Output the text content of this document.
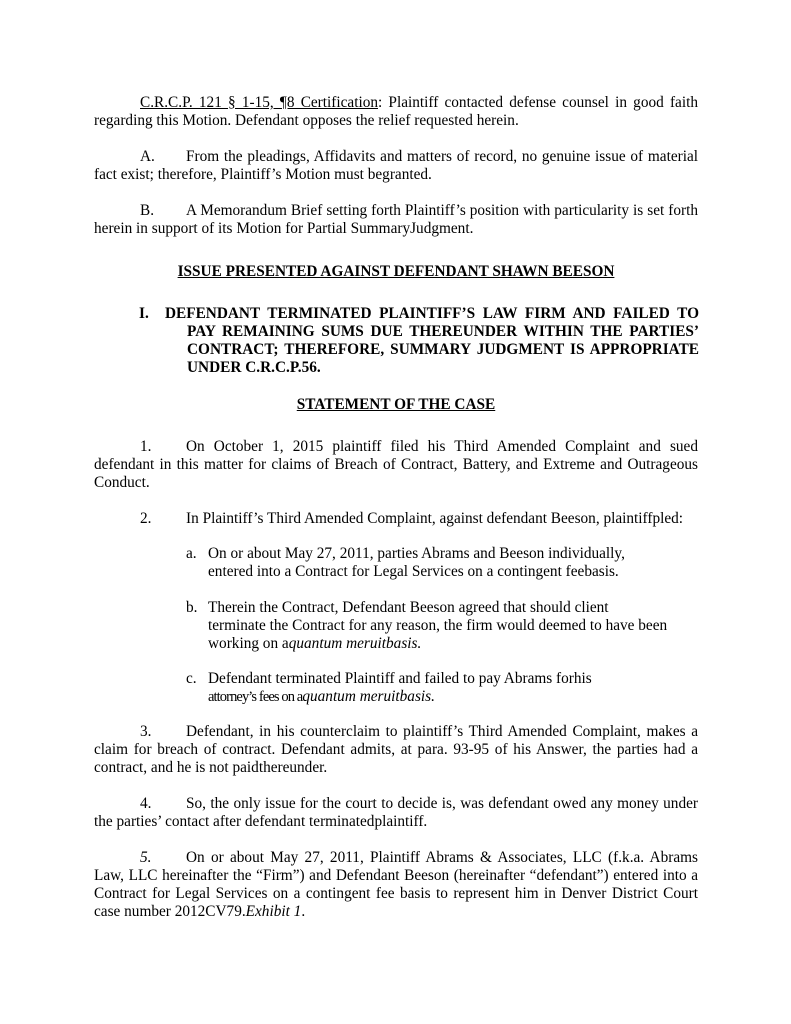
C.R.C.P. 121 § 1-15, ¶8 Certification: Plaintiff contacted defense counsel in good faith regarding this Motion. Defendant opposes the relief requested herein.

A. From the pleadings, Affidavits and matters of record, no genuine issue of material fact exist; therefore, Plaintiff’s Motion must begranted.

B. A Memorandum Brief setting forth Plaintiff’s position with particularity is set forth herein in support of its Motion for Partial SummaryJudgment.

ISSUE PRESENTED AGAINST DEFENDANT SHAWN BEESON

I. DEFENDANT TERMINATED PLAINTIFF’S LAW FIRM AND FAILED TO PAY REMAINING SUMS DUE THEREUNDER WITHIN THE PARTIES’ CONTRACT; THEREFORE, SUMMARY JUDGMENT IS APPROPRIATE UNDER C.R.C.P.56.

STATEMENT OF THE CASE

1. On October 1, 2015 plaintiff filed his Third Amended Complaint and sued defendant in this matter for claims of Breach of Contract, Battery, and Extreme and Outrageous Conduct.

2. In Plaintiff’s Third Amended Complaint, against defendant Beeson, plaintiffpled:

a. On or about May 27, 2011, parties Abrams and Beeson individually, entered into a Contract for Legal Services on a contingent feebasis.

b. Therein the Contract, Defendant Beeson agreed that should client terminate the Contract for any reason, the firm would deemed to have been working on aquantum meruitbasis.

c. Defendant terminated Plaintiff and failed to pay Abrams forhis
attorney’s fees on aquantum meruitbasis.

3. Defendant, in his counterclaim to plaintiff’s Third Amended Complaint, makes a claim for breach of contract. Defendant admits, at para. 93-95 of his Answer, the parties had a contract, and he is not paidthereunder.

4. So, the only issue for the court to decide is, was defendant owed any money under the parties’ contact after defendant terminatedplaintiff.

5. On or about May 27, 2011, Plaintiff Abrams & Associates, LLC (f.k.a. Abrams Law, LLC hereinafter the “Firm”) and Defendant Beeson (hereinafter “defendant”) entered into a Contract for Legal Services on a contingent fee basis to represent him in Denver District Court case number 2012CV79.Exhibit 1.
